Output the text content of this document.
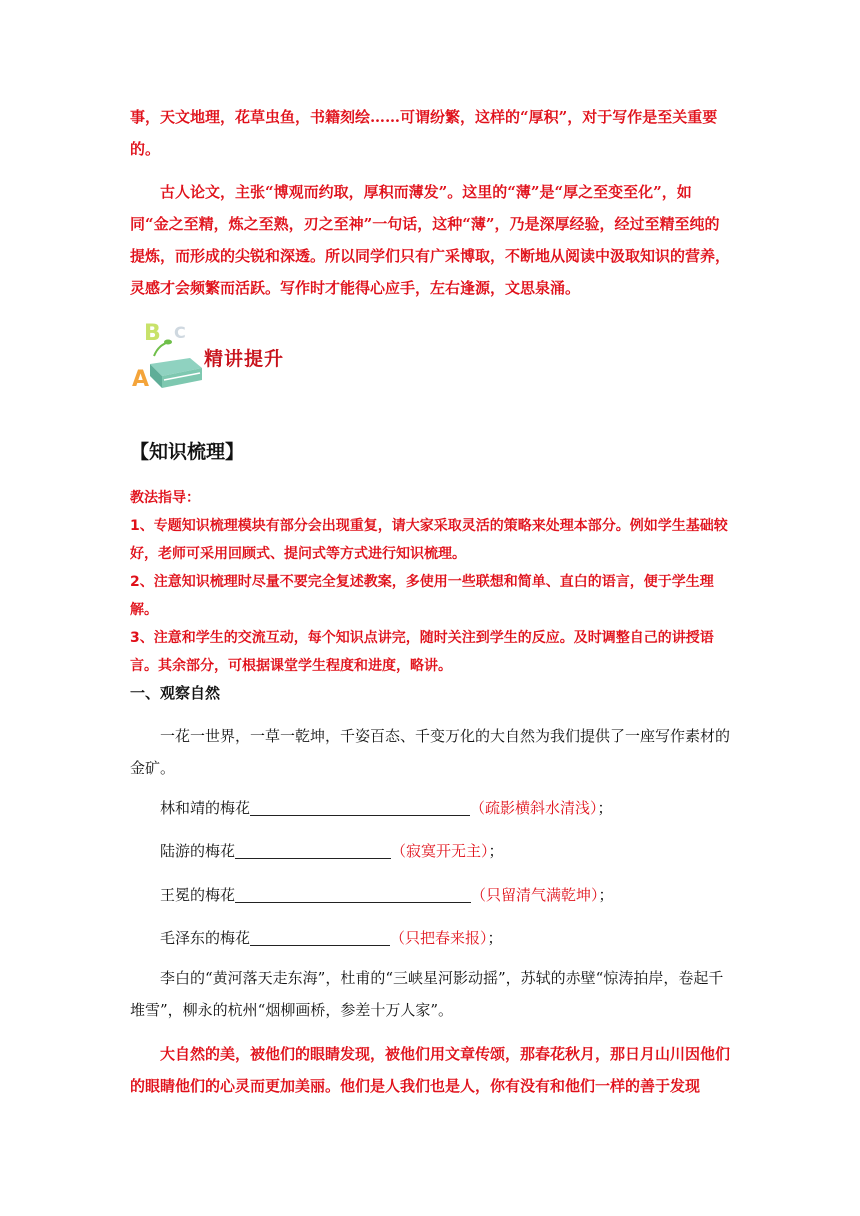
事，天文地理，花草虫鱼，书籍刻绘……可谓纷繁，这样的“厚积”，对于写作是至关重要

的。

古人论文，主张“博观而约取，厚积而薄发”。这里的“薄”是“厚之至变至化”，如同“金之至精，炼之至熟，刃之至神”一句话，这种“薄”，乃是深厚经验，经过至精至纯的提炼，而形成的尖锐和深透。所以同学们只有广采博取，不断地从阅读中汲取知识的营养，灵感才会频繁而活跃。写作时才能得心应手，左右逢源，文思泉涌。

B C
A
精讲提升
【知识梳理】
教法指导：

1、专题知识梳理模块有部分会出现重复，请大家采取灵活的策略来处理本部分。例如学生基础较好，老师可采用回顾式、提问式等方式进行知识梳理。

2、注意知识梳理时尽量不要完全复述教案，多使用一些联想和简单、直白的语言，便于学生理解。

3、注意和学生的交流互动，每个知识点讲完，随时关注到学生的反应。及时调整自己的讲授语言。其余部分，可根据课堂学生程度和进度，略讲。

一、观察自然

一花一世界，一草一乾坤，千姿百态、千变万化的大自然为我们提供了一座写作素材的金矿。

林和靖的梅花	（疏影横斜水清浅）；
陆游的梅花	（寂寞开无主）；
王冕的梅花	（只留清气满乾坤）；
毛泽东的梅花	（只把春来报）；

李白的“黄河落天走东海”，杜甫的“三峡星河影动摇”，苏轼的赤壁“惊涛拍岸，卷起千堆雪”，柳永的杭州“烟柳画桥，参差十万人家”。

大自然的美，被他们的眼睛发现，被他们用文章传颂，那春花秋月，那日月山川因他们的眼睛他们的心灵而更加美丽。他们是人我们也是人，你有没有和他们一样的善于发现
